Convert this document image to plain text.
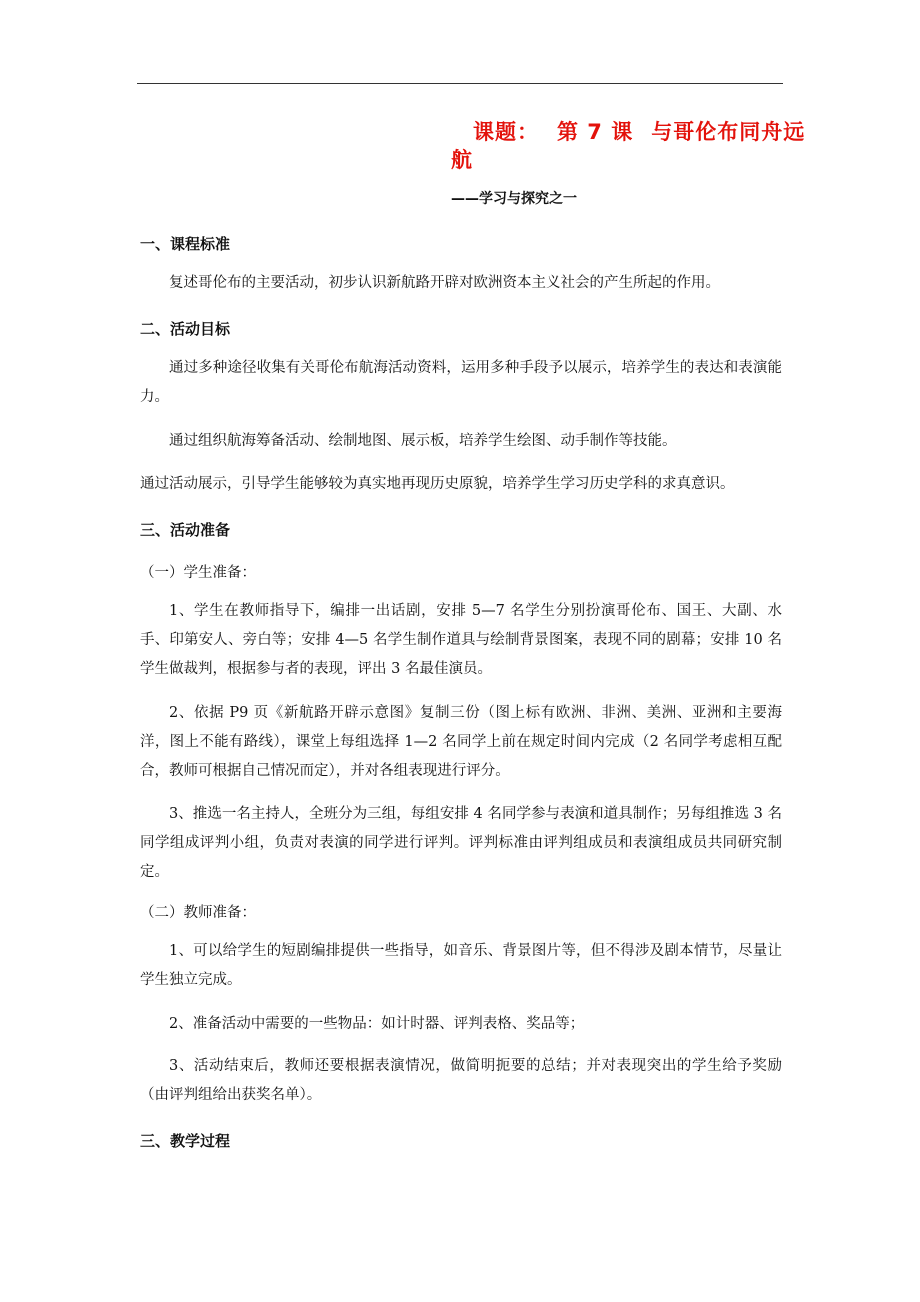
课题： 第 7 课 与哥伦布同舟远
航
——学习与探究之一
一、课程标准
复述哥伦布的主要活动，初步认识新航路开辟对欧洲资本主义社会的产生所起的作用。
二、活动目标
通过多种途径收集有关哥伦布航海活动资料，运用多种手段予以展示，培养学生的表达和表演能力。
通过组织航海筹备活动、绘制地图、展示板，培养学生绘图、动手制作等技能。
通过活动展示，引导学生能够较为真实地再现历史原貌，培养学生学习历史学科的求真意识。
三、活动准备
（一）学生准备：
1、学生在教师指导下，编排一出话剧，安排 5—7 名学生分别扮演哥伦布、国王、大副、水手、印第安人、旁白等；安排 4—5 名学生制作道具与绘制背景图案，表现不同的剧幕；安排 10 名学生做裁判，根据参与者的表现，评出 3 名最佳演员。
2、依据 P9 页《新航路开辟示意图》复制三份（图上标有欧洲、非洲、美洲、亚洲和主要海洋，图上不能有路线），课堂上每组选择 1—2 名同学上前在规定时间内完成（2 名同学考虑相互配合，教师可根据自己情况而定），并对各组表现进行评分。
3、推选一名主持人，全班分为三组，每组安排 4 名同学参与表演和道具制作；另每组推选 3 名同学组成评判小组，负责对表演的同学进行评判。评判标准由评判组成员和表演组成员共同研究制定。
（二）教师准备：
1、可以给学生的短剧编排提供一些指导，如音乐、背景图片等，但不得涉及剧本情节，尽量让学生独立完成。
2、准备活动中需要的一些物品：如计时器、评判表格、奖品等；
3、活动结束后，教师还要根据表演情况，做简明扼要的总结；并对表现突出的学生给予奖励（由评判组给出获奖名单）。
三、教学过程
